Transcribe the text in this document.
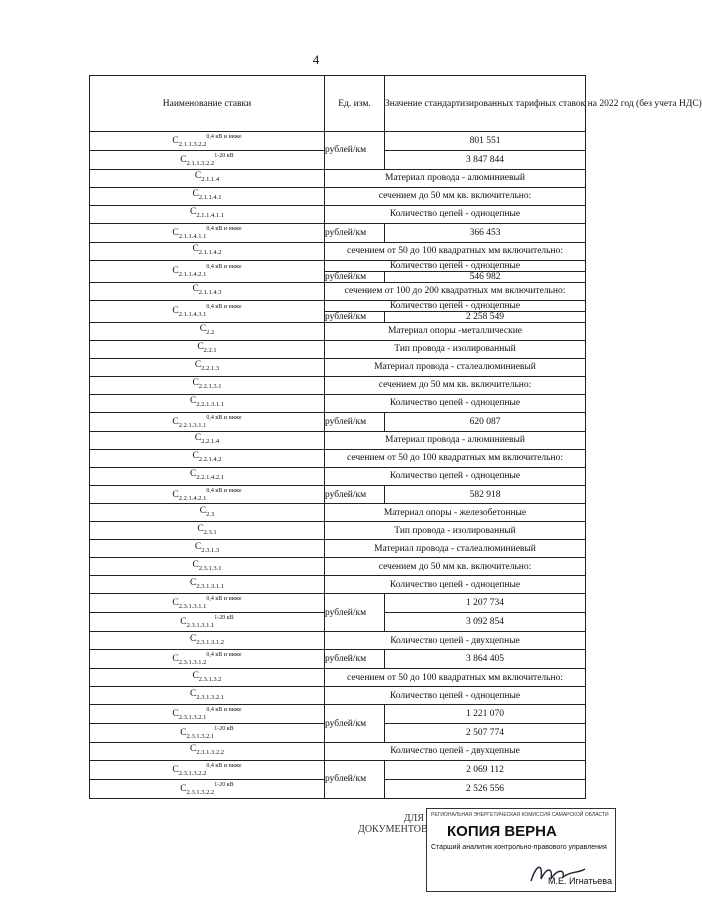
4
Наименование ставки	Ед. изм.	Значение стандартизированных тарифных ставок на 2022 год (без учета НДС)
$C_{2.1.1.3.2.2}^{0,4 кВ и ниже}$	рублей/км	801 551
$C_{2.1.1.3.2.2}^{1-20 кВ}$		3 847 844
$C_{2.1.1.4}$	Материал провода - алюминиевый	
$C_{2.1.1.4.1}$	сечением до 50 мм кв. включительно:	
$C_{2.1.1.4.1.1}$	Количество цепей - одноцепные	
$C_{2.1.1.4.1.1}^{0,4 кВ и ниже}$	рублей/км	366 453
$C_{2.1.1.4.2}$	сечением от 50 до 100 квадратных мм включительно:	
$C_{2.1.1.4.2.1}^{0,4 кВ и ниже}$	Количество цепей - одноцепные	
	рублей/км	546 982
$C_{2.1.1.4.3}$	сечением от 100 до 200 квадратных мм включительно:	
$C_{2.1.1.4.3.1}^{0,4 кВ и ниже}$	Количество цепей - одноцепные	
	рублей/км	2 258 549
$C_{2.2}$	Материал опоры -металлические	
$C_{2.2.1}$	Тип провода - изолированный	
$C_{2.2.1.3}$	Материал провода - сталеалюминиевый	
$C_{2.2.1.3.1}$	сечением до 50 мм кв. включительно:	
$C_{2.2.1.3.1.1}$	Количество цепей - одноцепные	
$C_{2.2.1.3.1.1}^{0,4 кВ и ниже}$	рублей/км	620 087
$C_{2.2.1.4}$	Материал провода - алюминиевый	
$C_{2.2.1.4.2}$	сечением от 50 до 100 квадратных мм включительно:	
$C_{2.2.1.4.2.1}$	Количество цепей - одноцепные	
$C_{2.2.1.4.2.1}^{0,4 кВ и ниже}$	рублей/км	582 918
$C_{2.3}$	Материал опоры - железобетонные	
$C_{2.3.1}$	Тип провода - изолированный	
$C_{2.3.1.3}$	Материал провода - сталеалюминиевый	
$C_{2.3.1.3.1}$	сечением до 50 мм кв. включительно:	
$C_{2.3.1.3.1.1}$	Количество цепей - одноцепные	
$C_{2.3.1.3.1.1}^{0,4 кВ и ниже}$	рублей/км	1 207 734
$C_{2.3.1.3.1.1}^{1-20 кВ}$		3 092 854
$C_{2.3.1.3.1.2}$	Количество цепей - двухцепные	
$C_{2.3.1.3.1.2}^{0,4 кВ и ниже}$	рублей/км	3 864 405
$C_{2.3.1.3.2}$	сечением от 50 до 100 квадратных мм включительно:	
$C_{2.3.1.3.2.1}$	Количество цепей - одноцепные	
$C_{2.3.1.3.2.1}^{0,4 кВ и ниже}$	рублей/км	1 221 070
$C_{2.3.1.3.2.1}^{1-20 кВ}$		2 507 774
$C_{2.3.1.3.2.2}$	Количество цепей - двухцепные	
$C_{2.3.1.3.2.2}^{0,4 кВ и ниже}$	рублей/км	2 069 112
$C_{2.3.1.3.2.2}^{1-20 кВ}$		2 526 556
ДЛЯ ДОКУМЕНТОВ
РЕГИОНАЛЬНАЯ ЭНЕРГЕТИЧЕСКАЯ КОМИССИЯ САМАРСКОЙ ОБЛАСТИ
КОПИЯ ВЕРНА
Старший аналитик контрольно-правового управления
М.Е. Игнатьева
